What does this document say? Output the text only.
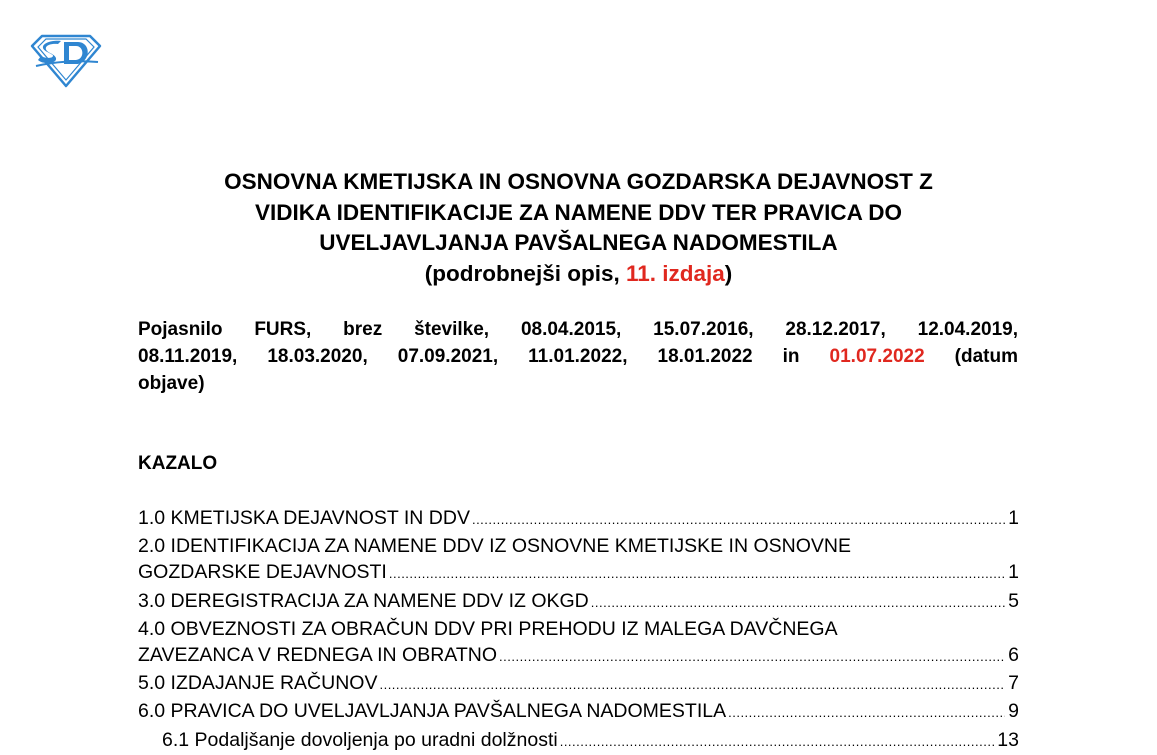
OSNOVNA KMETIJSKA IN OSNOVNA GOZDARSKA DEJAVNOST Z
VIDIKA IDENTIFIKACIJE ZA NAMENE DDV TER PRAVICA DO
UVELJAVLJANJA PAVŠALNEGA NADOMESTILA
(podrobnejši opis, 11. izdaja)
Pojasnilo FURS, brez številke, 08.04.2015, 15.07.2016, 28.12.2017, 12.04.2019,
08.11.2019, 18.03.2020, 07.09.2021, 11.01.2022, 18.01.2022 in 01.07.2022 (datum
objave)
KAZALO
1.0 KMETIJSKA DEJAVNOST IN DDV .....	1
2.0 IDENTIFIKACIJA ZA NAMENE DDV IZ OSNOVNE KMETIJSKE IN OSNOVNE
GOZDARSKE DEJAVNOSTI .....	1
3.0 DEREGISTRACIJA ZA NAMENE DDV IZ OKGD .....	5
4.0 OBVEZNOSTI ZA OBRAČUN DDV PRI PREHODU IZ MALEGA DAVČNEGA
ZAVEZANCA V REDNEGA IN OBRATNO .....	6
5.0 IZDAJANJE RAČUNOV .....	7
6.0 PRAVICA DO UVELJAVLJANJA PAVŠALNEGA NADOMESTILA .....	9
6.1 Podaljšanje dovoljenja po uradni dolžnosti .....	13
